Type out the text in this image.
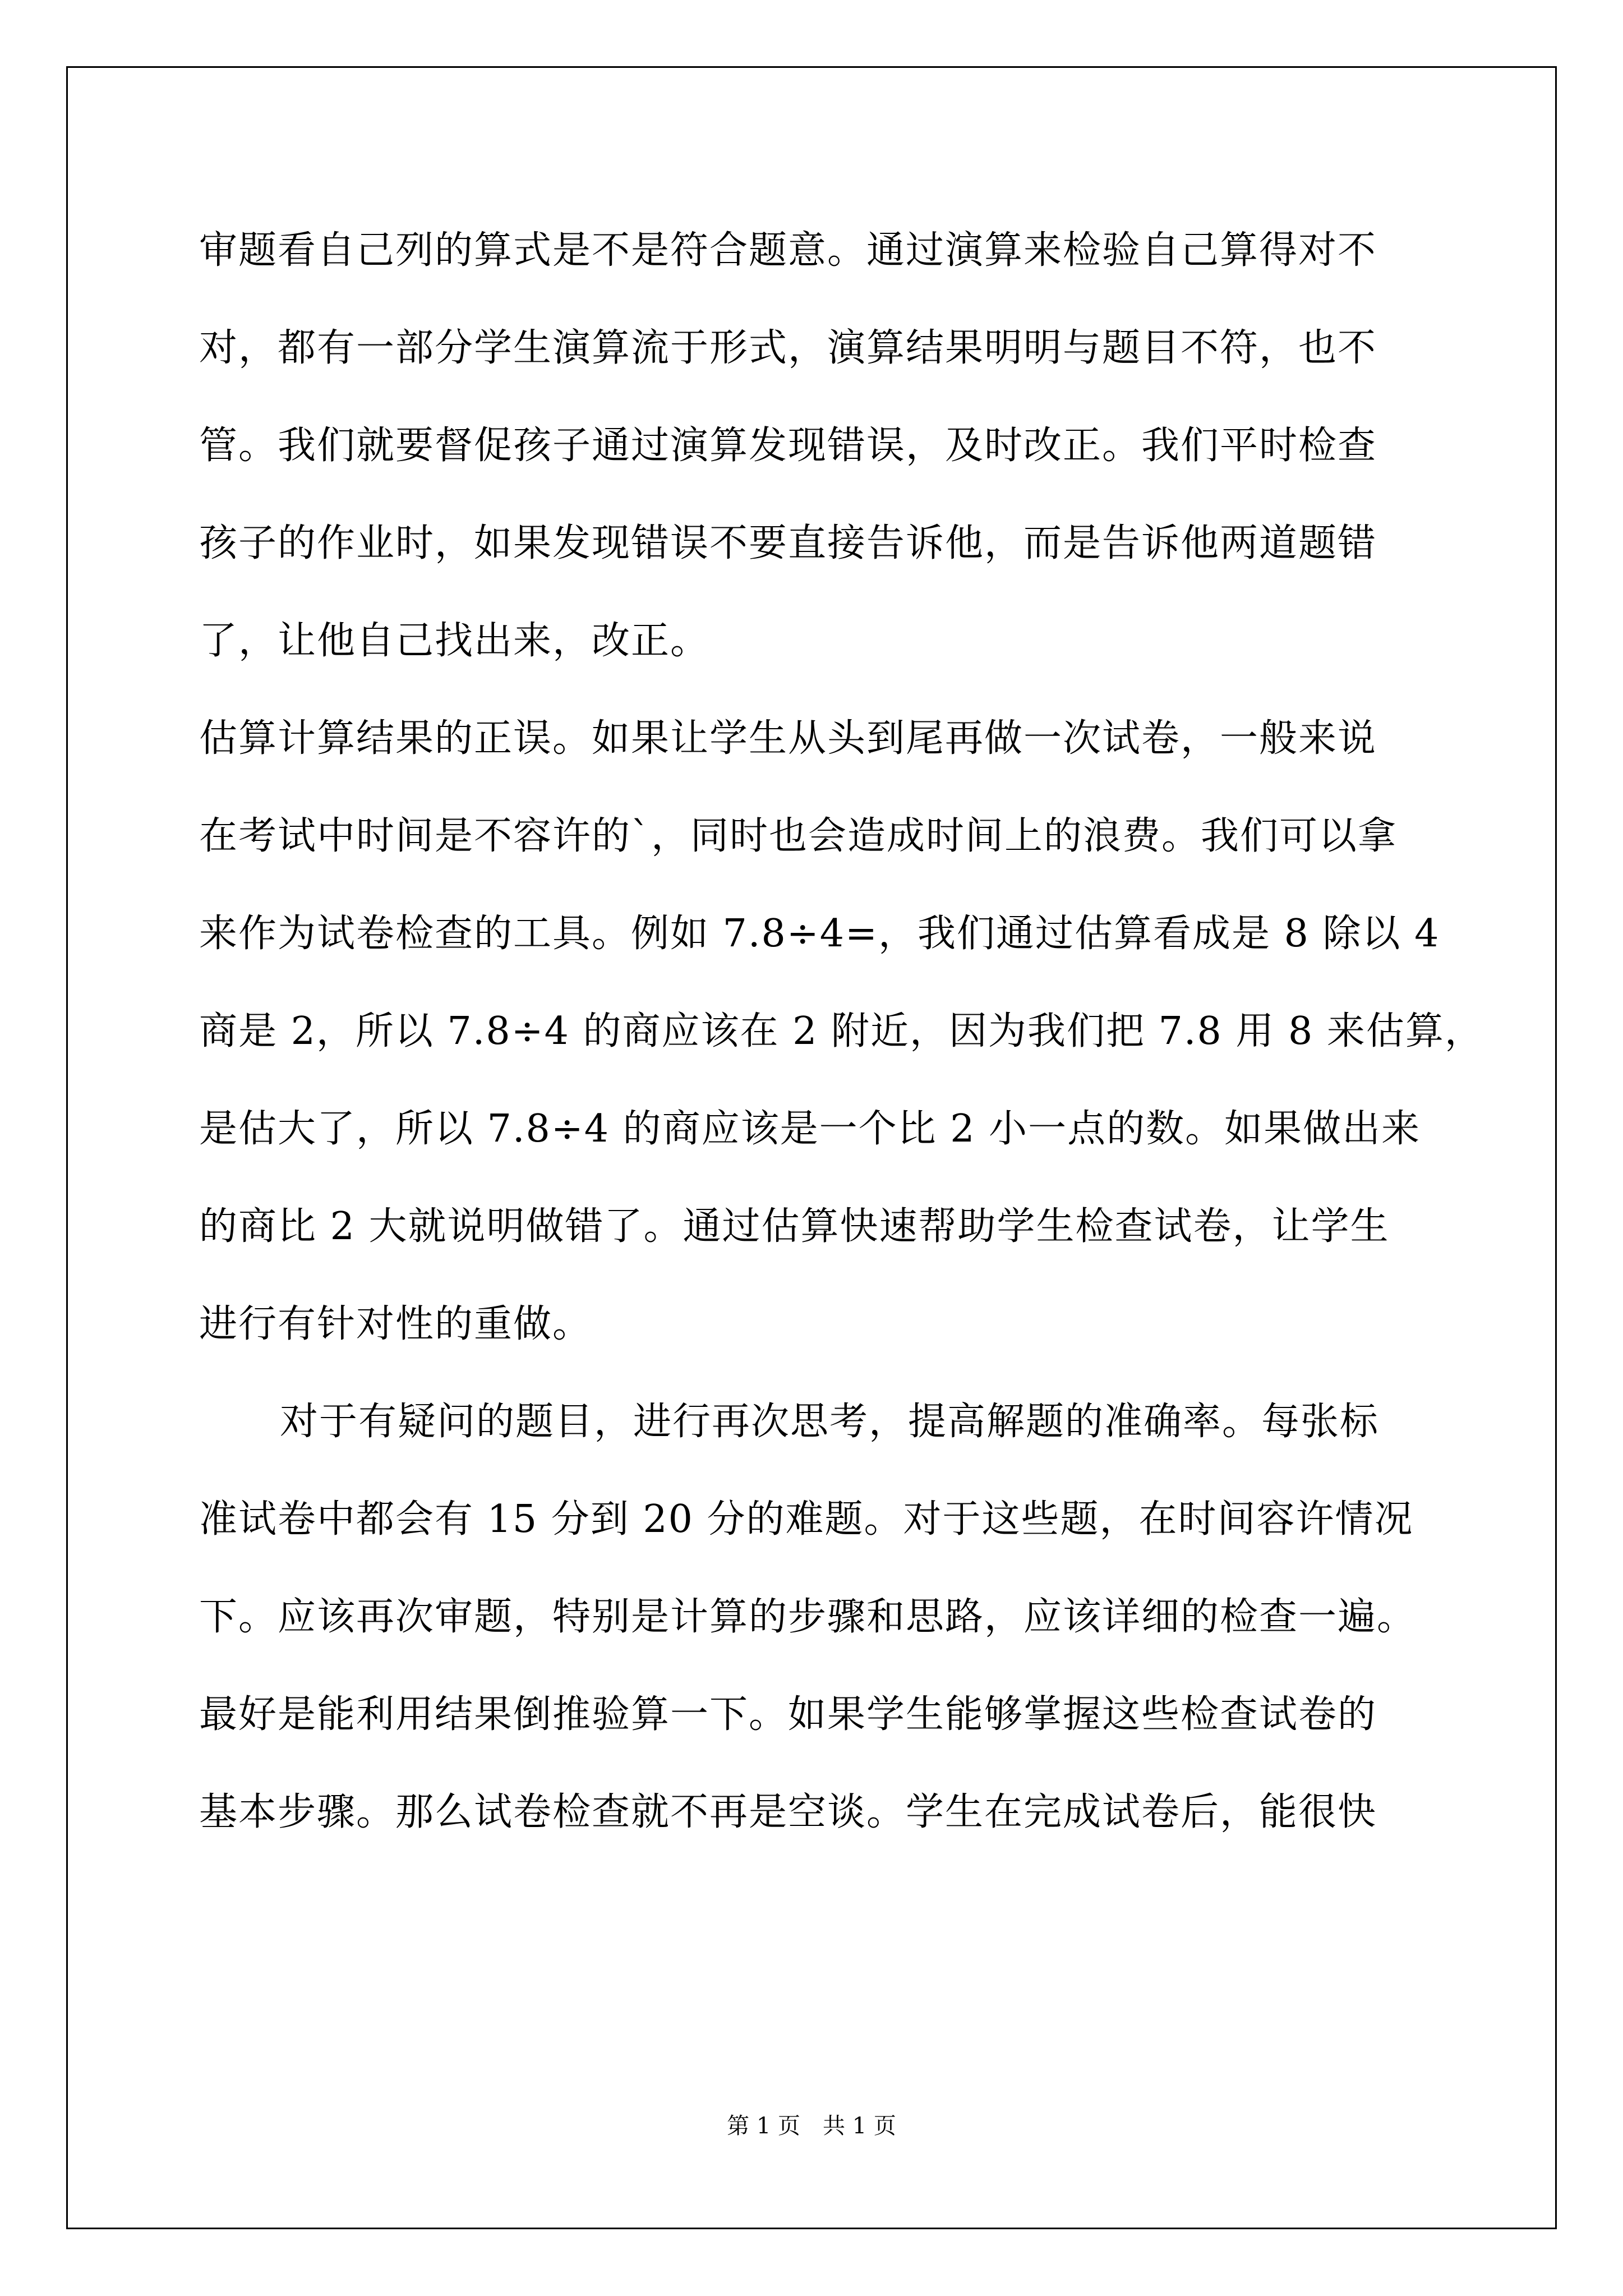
审题看自己列的算式是不是符合题意。通过演算来检验自己算得对不
对，都有一部分学生演算流于形式，演算结果明明与题目不符，也不
管。我们就要督促孩子通过演算发现错误，及时改正。我们平时检查
孩子的作业时，如果发现错误不要直接告诉他，而是告诉他两道题错
了，让他自己找出来，改正。
估算计算结果的正误。如果让学生从头到尾再做一次试卷，一般来说
在考试中时间是不容许的`，同时也会造成时间上的浪费。我们可以拿
来作为试卷检查的工具。例如 7.8÷4=，我们通过估算看成是 8 除以 4
商是 2，所以 7.8÷4 的商应该在 2 附近，因为我们把 7.8 用 8 来估算，
是估大了，所以 7.8÷4 的商应该是一个比 2 小一点的数。如果做出来
的商比 2 大就说明做错了。通过估算快速帮助学生检查试卷，让学生
进行有针对性的重做。
对于有疑问的题目，进行再次思考，提高解题的准确率。每张标
准试卷中都会有 15 分到 20 分的难题。对于这些题，在时间容许情况
下。应该再次审题，特别是计算的步骤和思路，应该详细的检查一遍。
最好是能利用结果倒推验算一下。如果学生能够掌握这些检查试卷的
基本步骤。那么试卷检查就不再是空谈。学生在完成试卷后，能很快
第 1 页　共 1 页
